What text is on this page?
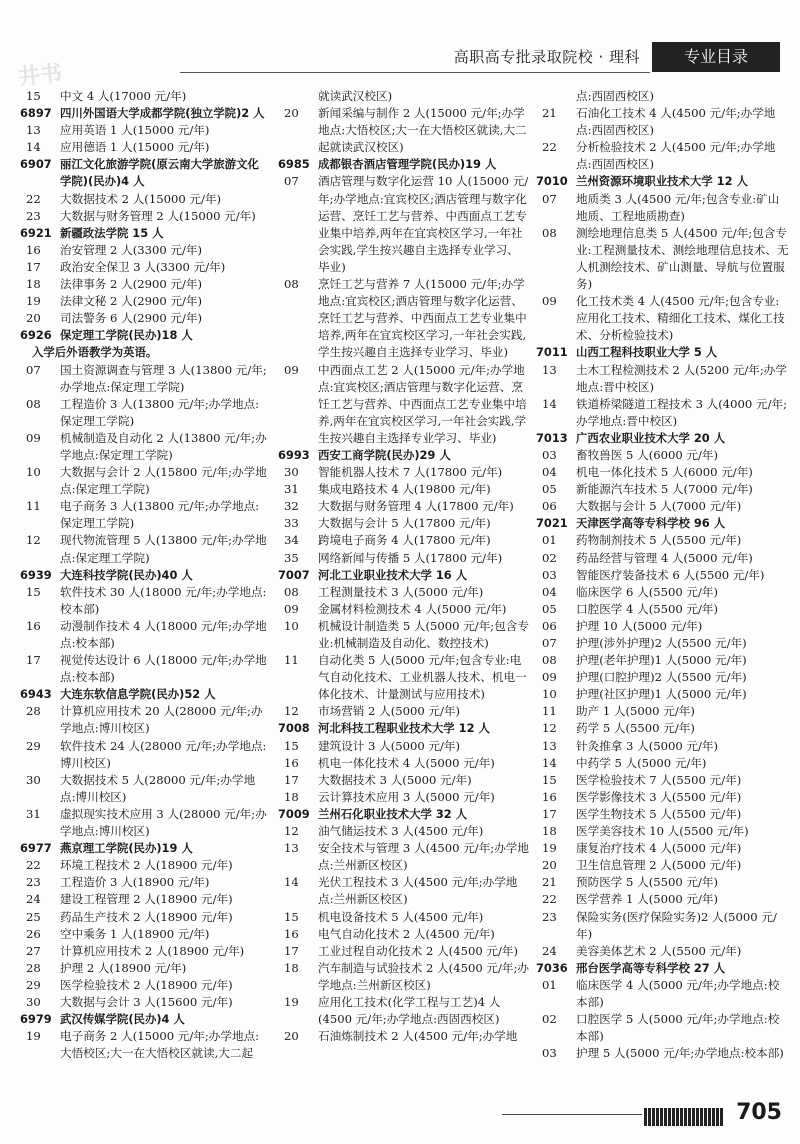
高职高专批录取院校 · 理科	专业目录
井书
15	中文 4 人(17000 元/年)
6897 四川外国语大学成都学院(独立学院)2 人
13	应用英语 1 人(15000 元/年)
14	应用德语 1 人(15000 元/年)
6907 丽江文化旅游学院(原云南大学旅游文化学院)(民办)4 人
22	大数据技术 2 人(15000 元/年)
23	大数据与财务管理 2 人(15000 元/年)
6921 新疆政法学院 15 人
16	治安管理 2 人(3300 元/年)
17	政治安全保卫 3 人(3300 元/年)
18	法律事务 2 人(2900 元/年)
19	法律文秘 2 人(2900 元/年)
20	司法警务 6 人(2900 元/年)
6926 保定理工学院(民办)18 人
入学后外语教学为英语。
07	国土资源调查与管理 3 人(13800 元/年;办学地点:保定理工学院)
08	工程造价 3 人(13800 元/年;办学地点:保定理工学院)
09	机械制造及自动化 2 人(13800 元/年;办学地点:保定理工学院)
10	大数据与会计 2 人(15800 元/年;办学地点:保定理工学院)
11	电子商务 3 人(13800 元/年;办学地点:保定理工学院)
12	现代物流管理 5 人(13800 元/年;办学地点:保定理工学院)
6939 大连科技学院(民办)40 人
15	软件技术 30 人(18000 元/年;办学地点:校本部)
16	动漫制作技术 4 人(18000 元/年;办学地点:校本部)
17	视觉传达设计 6 人(18000 元/年;办学地点:校本部)
6943 大连东软信息学院(民办)52 人
28	计算机应用技术 20 人(28000 元/年;办学地点:博川校区)
29	软件技术 24 人(28000 元/年;办学地点:博川校区)
30	大数据技术 5 人(28000 元/年;办学地点:博川校区)
31	虚拟现实技术应用 3 人(28000 元/年;办学地点:博川校区)
6977 燕京理工学院(民办)19 人
22	环境工程技术 2 人(18900 元/年)
23	工程造价 3 人(18900 元/年)
24	建设工程管理 2 人(18900 元/年)
25	药品生产技术 2 人(18900 元/年)
26	空中乘务 1 人(18900 元/年)
27	计算机应用技术 2 人(18900 元/年)
28	护理 2 人(18900 元/年)
29	医学检验技术 2 人(18900 元/年)
30	大数据与会计 3 人(15600 元/年)
6979 武汉传媒学院(民办)4 人
19	电子商务 2 人(15000 元/年;办学地点:大悟校区;大一在大悟校区就读,大二起
就读武汉校区)
20	新闻采编与制作 2 人(15000 元/年;办学地点:大悟校区;大一在大悟校区就读,大二起就读武汉校区)
6985 成都银杏酒店管理学院(民办)19 人
07	酒店管理与数字化运营 10 人(15000 元/年;办学地点:宜宾校区;酒店管理与数字化运营、烹饪工艺与营养、中西面点工艺专业集中培养,两年在宜宾校区学习,一年社会实践,学生按兴趣自主选择专业学习、毕业)
08	烹饪工艺与营养 7 人(15000 元/年;办学地点:宜宾校区;酒店管理与数字化运营、烹饪工艺与营养、中西面点工艺专业集中培养,两年在宜宾校区学习,一年社会实践,学生按兴趣自主选择专业学习、毕业)
09	中西面点工艺 2 人(15000 元/年;办学地点:宜宾校区;酒店管理与数字化运营、烹饪工艺与营养、中西面点工艺专业集中培养,两年在宜宾校区学习,一年社会实践,学生按兴趣自主选择专业学习、毕业)
6993 西安工商学院(民办)29 人
30	智能机器人技术 7 人(17800 元/年)
31	集成电路技术 4 人(19800 元/年)
32	大数据与财务管理 4 人(17800 元/年)
33	大数据与会计 5 人(17800 元/年)
34	跨境电子商务 4 人(17800 元/年)
35	网络新闻与传播 5 人(17800 元/年)
7007 河北工业职业技术大学 16 人
08	工程测量技术 3 人(5000 元/年)
09	金属材料检测技术 4 人(5000 元/年)
10	机械设计制造类 5 人(5000 元/年;包含专业:机械制造及自动化、数控技术)
11	自动化类 5 人(5000 元/年;包含专业:电气自动化技术、工业机器人技术、机电一体化技术、计量测试与应用技术)
12	市场营销 2 人(5000 元/年)
7008 河北科技工程职业技术大学 12 人
15	建筑设计 3 人(5000 元/年)
16	机电一体化技术 4 人(5000 元/年)
17	大数据技术 3 人(5000 元/年)
18	云计算技术应用 3 人(5000 元/年)
7009 兰州石化职业技术大学 32 人
12	油气储运技术 3 人(4500 元/年)
13	安全技术与管理 3 人(4500 元/年;办学地点:兰州新区校区)
14	光伏工程技术 3 人(4500 元/年;办学地点:兰州新区校区)
15	机电设备技术 5 人(4500 元/年)
16	电气自动化技术 2 人(4500 元/年)
17	工业过程自动化技术 2 人(4500 元/年)
18	汽车制造与试验技术 2 人(4500 元/年;办学地点:兰州新区校区)
19	应用化工技术(化学工程与工艺)4 人(4500 元/年;办学地点:西固西校区)
20	石油炼制技术 2 人(4500 元/年;办学地
点:西固西校区)
21	石油化工技术 4 人(4500 元/年;办学地点:西固西校区)
22	分析检验技术 2 人(4500 元/年;办学地点:西固西校区)
7010 兰州资源环境职业技术大学 12 人
07	地质类 3 人(4500 元/年;包含专业:矿山地质、工程地质勘查)
08	测绘地理信息类 5 人(4500 元/年;包含专业:工程测量技术、测绘地理信息技术、无人机测绘技术、矿山测量、导航与位置服务)
09	化工技术类 4 人(4500 元/年;包含专业:应用化工技术、精细化工技术、煤化工技术、分析检验技术)
7011 山西工程科技职业大学 5 人
13	土木工程检测技术 2 人(5200 元/年;办学地点:晋中校区)
14	铁道桥梁隧道工程技术 3 人(4000 元/年;办学地点:晋中校区)
7013 广西农业职业技术大学 20 人
03	畜牧兽医 5 人(6000 元/年)
04	机电一体化技术 5 人(6000 元/年)
05	新能源汽车技术 5 人(7000 元/年)
06	大数据与会计 5 人(7000 元/年)
7021 天津医学高等专科学校 96 人
01	药物制剂技术 5 人(5500 元/年)
02	药品经营与管理 4 人(5000 元/年)
03	智能医疗装备技术 6 人(5500 元/年)
04	临床医学 6 人(5500 元/年)
05	口腔医学 4 人(5500 元/年)
06	护理 10 人(5000 元/年)
07	护理(涉外护理)2 人(5500 元/年)
08	护理(老年护理)1 人(5000 元/年)
09	护理(口腔护理)2 人(5500 元/年)
10	护理(社区护理)1 人(5000 元/年)
11	助产 1 人(5000 元/年)
12	药学 5 人(5500 元/年)
13	针灸推拿 3 人(5000 元/年)
14	中药学 5 人(5000 元/年)
15	医学检验技术 7 人(5500 元/年)
16	医学影像技术 3 人(5500 元/年)
17	医学生物技术 5 人(5500 元/年)
18	医学美容技术 10 人(5500 元/年)
19	康复治疗技术 4 人(5000 元/年)
20	卫生信息管理 2 人(5000 元/年)
21	预防医学 5 人(5500 元/年)
22	医学营养 1 人(5000 元/年)
23	保险实务(医疗保险实务)2 人(5000 元/年)
24	美容美体艺术 2 人(5500 元/年)
7036 邢台医学高等专科学校 27 人
01	临床医学 4 人(5000 元/年;办学地点:校本部)
02	口腔医学 5 人(5000 元/年;办学地点:校本部)
03	护理 5 人(5000 元/年;办学地点:校本部)
705
